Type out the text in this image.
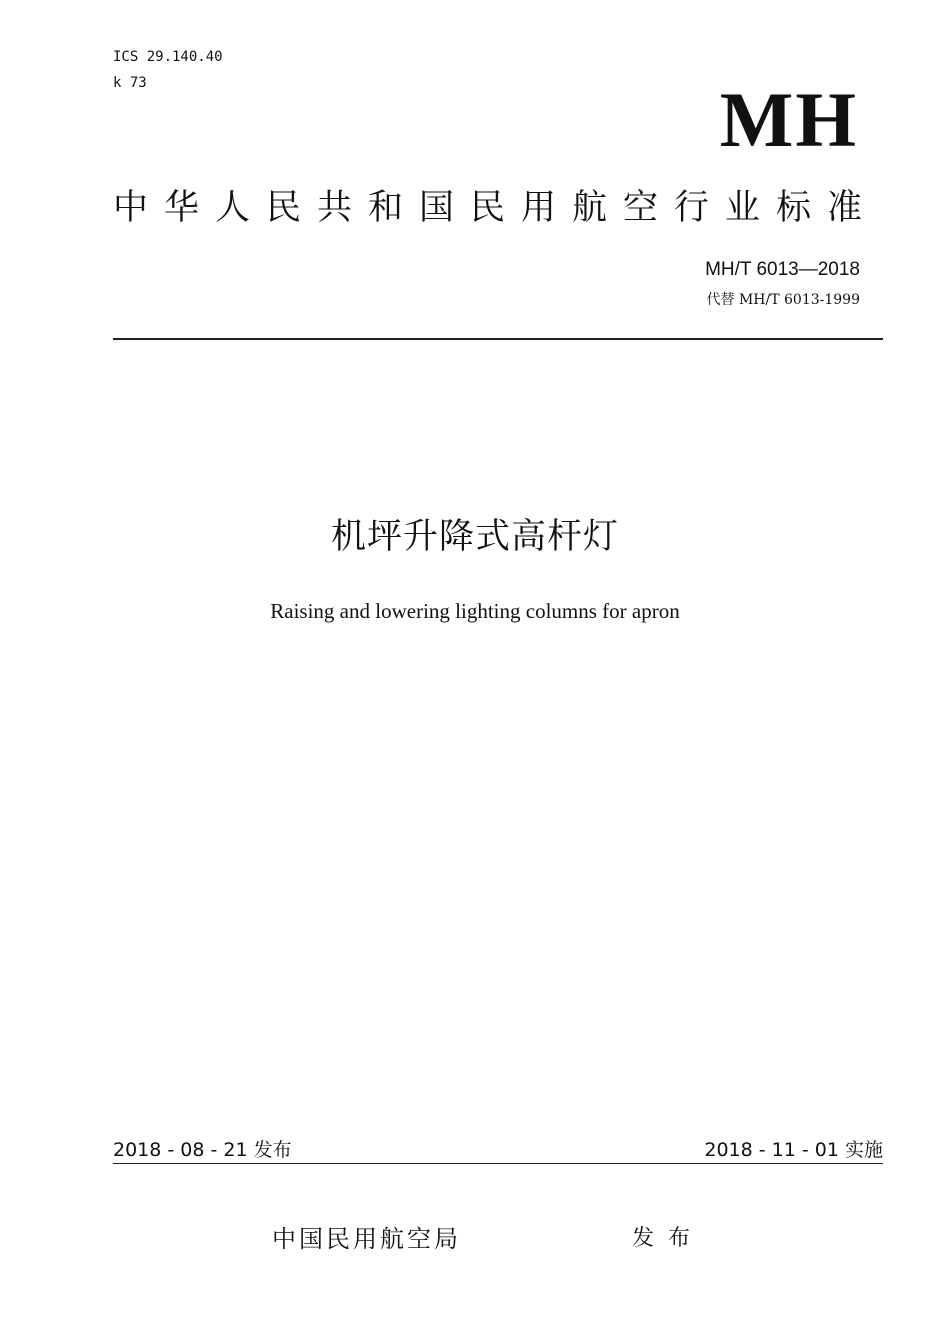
ICS 29.140.40
k 73	MH
中华人民共和国民用航空行业标准
MH/T 6013—2018
代替 MH/T 6013-1999
机坪升降式高杆灯
Raising and lowering lighting columns for apron
2018 - 08 - 21 发布	2018 - 11 - 01 实施
中国民用航空局	发布
